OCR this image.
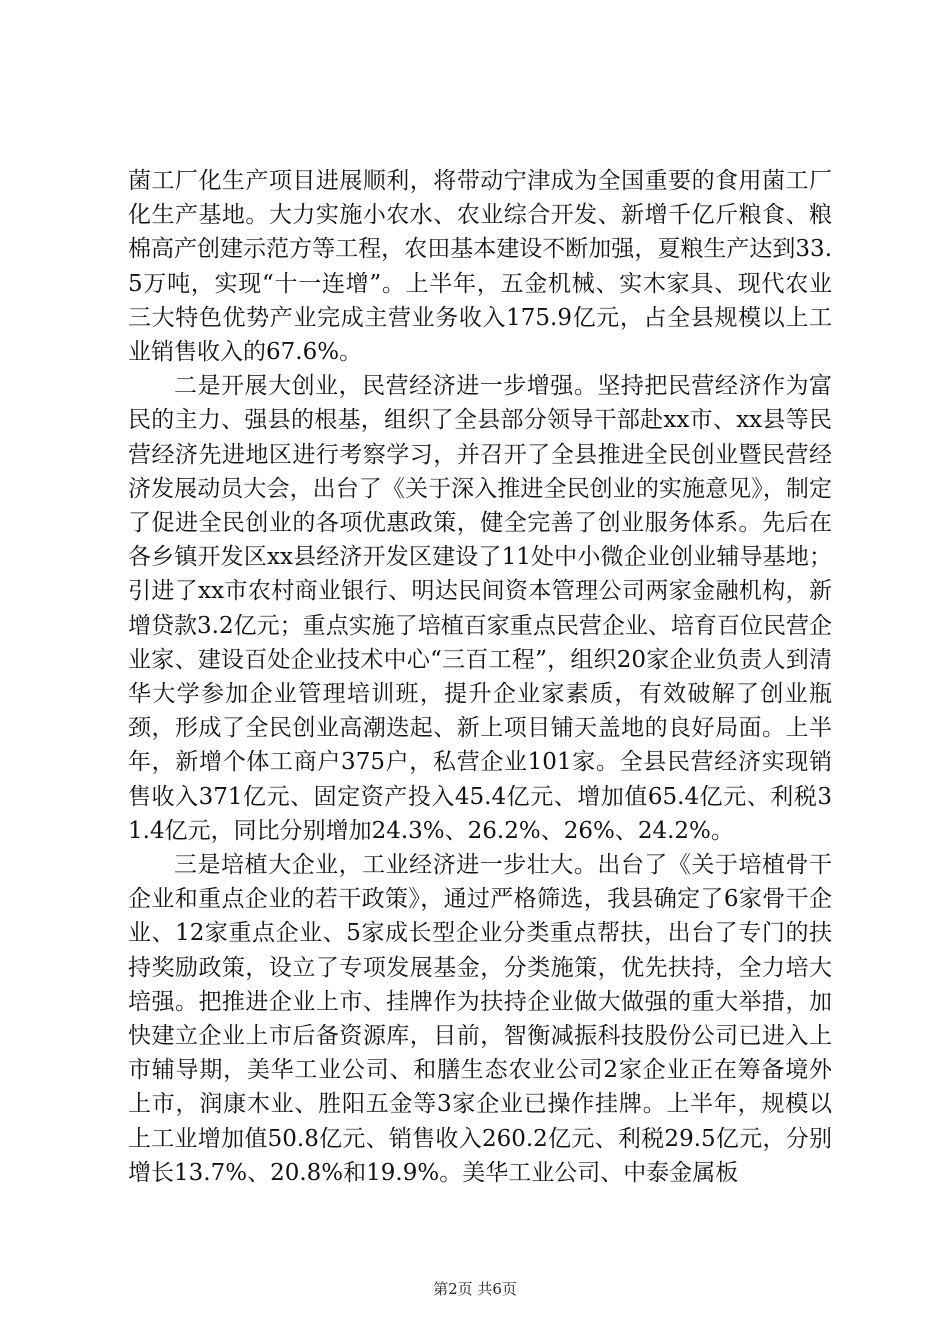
菌工厂化生产项目进展顺利，将带动宁津成为全国重要的食用菌工厂化生产基地。大力实施小农水、农业综合开发、新增千亿斤粮食、粮棉高产创建示范方等工程，农田基本建设不断加强，夏粮生产达到33.5万吨，实现“十一连增”。上半年，五金机械、实木家具、现代农业三大特色优势产业完成主营业务收入175.9亿元，占全县规模以上工业销售收入的67.6%。

二是开展大创业，民营经济进一步增强。坚持把民营经济作为富民的主力、强县的根基，组织了全县部分领导干部赴xx市、xx县等民营经济先进地区进行考察学习，并召开了全县推进全民创业暨民营经济发展动员大会，出台了《关于深入推进全民创业的实施意见》，制定了促进全民创业的各项优惠政策，健全完善了创业服务体系。先后在各乡镇开发区xx县经济开发区建设了11处中小微企业创业辅导基地；引进了xx市农村商业银行、明达民间资本管理公司两家金融机构，新增贷款3.2亿元；重点实施了培植百家重点民营企业、培育百位民营企业家、建设百处企业技术中心“三百工程”，组织20家企业负责人到清华大学参加企业管理培训班，提升企业家素质，有效破解了创业瓶颈，形成了全民创业高潮迭起、新上项目铺天盖地的良好局面。上半年，新增个体工商户375户，私营企业101家。全县民营经济实现销售收入371亿元、固定资产投入45.4亿元、增加值65.4亿元、利税31.4亿元，同比分别增加24.3%、26.2%、26%、24.2%。

三是培植大企业，工业经济进一步壮大。出台了《关于培植骨干企业和重点企业的若干政策》，通过严格筛选，我县确定了6家骨干企业、12家重点企业、5家成长型企业分类重点帮扶，出台了专门的扶持奖励政策，设立了专项发展基金，分类施策，优先扶持，全力培大培强。把推进企业上市、挂牌作为扶持企业做大做强的重大举措，加快建立企业上市后备资源库，目前，智衡减振科技股份公司已进入上市辅导期，美华工业公司、和膳生态农业公司2家企业正在筹备境外上市，润康木业、胜阳五金等3家企业已操作挂牌。上半年，规模以上工业增加值50.8亿元、销售收入260.2亿元、利税29.5亿元，分别增长13.7%、20.8%和19.9%。美华工业公司、中泰金属板

第2页 共6页
